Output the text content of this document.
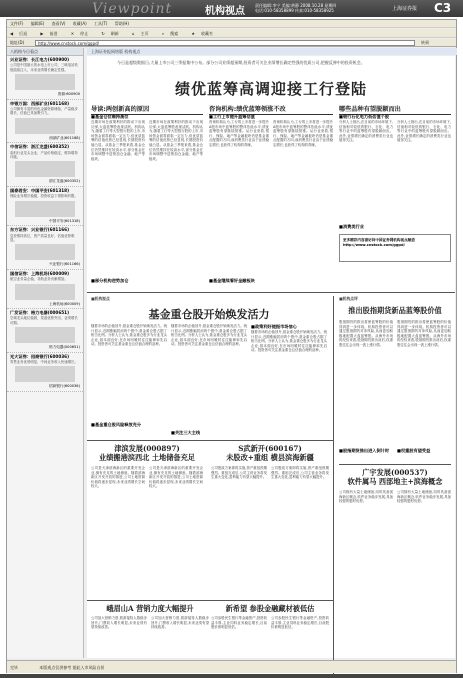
Viewpoint	机构视点
责任编辑:李宁 美编:黄静 2008.10.28 星期四
电话:010-58358899 传真:010-58358925	上海证券报 C3
文件(F) 编辑(E) 查看(V) 收藏(A) 工具(T) 帮助(H)
◀ 后退	▶ 前进	✕ 停止	↻ 刷新	⌂ 主页	⌕ 搜索	★ 收藏夹
地址(D)	http://www.cnstock.com/ggpd/	转到
八机构今日看点
兴业证券：长江电力(600900)
公司是中国最大的水电上市公司，三峡电站机组陆续注入，未来业绩增长确定性强。
资源:600900
申银万国：西部矿业(601168)
公司拥有丰富的有色金属资源储备，产量稳步增长，估值已具备吸引力。
西部矿业(601168)
中信证券：浙江龙盛(600352)
染料行业龙头企业，产品价格稳定，维持增持评级。
浙江龙盛(600352)
国泰君安：中国平安(601318)
保险业务增长稳健，投资收益下滑影响有限。
中国平安(601318)
东方证券：兴业银行(601166)
息差维持高位，资产质量良好，估值优势明显。
兴业银行(601166)
国信证券：上海机场(600009)
航空业务量企稳，非航业务贡献增加。
上海机场(600009)
广发证券：格力电器(000651)
空调龙头地位稳固，渠道优势突出，业绩增长可期。
格力电器(000651)
光大证券：招商银行(600036)
零售业务优势明显，中间业务收入快速增长。
招商银行(600036)
上海证券报网络版 机构视点
今日是超级数据日,大量上市公司三季报集中公布。部分公司业绩超预期,投资者可关注业绩增长确定性强的优质公司,把握反弹中的投资机会。
绩优蓝筹高调迎接工行登陆
导读:两创新高的原因
■基金仓位维持高位
近期市场在政策利好的推动下出现反弹,大盘蓝筹股表现活跃。机构认为,随着工行等大型银行股的上市,市场资金面将面临一定压力,但优质蓝筹的估值优势已经显现,长期投资价值凸显。从基金三季报来看,基金仓位仍然维持在较高水平,部分基金在市场调整中逆势加仓金融、地产等板块。
近期市场在政策利好的推动下出现反弹,大盘蓝筹股表现活跃。机构认为,随着工行等大型银行股的上市,市场资金面将面临一定压力,但优质蓝筹的估值优势已经显现,长期投资价值凸显。从基金三季报来看,基金仓位仍然维持在较高水平,部分基金在市场调整中逆势加仓金融、地产等板块。
■部分机构逆势加仓
咨询机构:绩优蓝筹领涨不改
■工行上市提升蓝筹估值
咨询机构认为,工行的上市将进一步提升A股市场中蓝筹股的整体估值水平,绩优蓝筹股有望继续领涨。从行业来看,银行、保险、地产等金融板块仍是基金重点配置的方向,而消费类行业由于业绩稳定增长,也获得了机构的青睐。
咨询机构认为,工行的上市将进一步提升A股市场中蓝筹股的整体估值水平,绩优蓝筹股有望继续领涨。从行业来看,银行、保险、地产等金融板块仍是基金重点配置的方向,而消费类行业由于业绩稳定增长,也获得了机构的青睐。
■基金继续看好金融板块
哪些品种有望脱颖而出
■银行石化电力低估值个股
分析人士指出,在目前的市场环境下,估值相对较低的银行、石化、电力等行业中的蓝筹股有望脱颖而出。此外,业绩增长确定的消费类行业也值得关注。
分析人士指出,在目前的市场环境下,估值相对较低的银行、石化、电力等行业中的蓝筹股有望脱颖而出。此外,业绩增长确定的消费类行业也值得关注。
■消费类行业
更多精彩内容请访问中国证券网机构视点频道 http://www.cnstock.com/ggpd/
■机构视点
基金重仓股开始焕发活力
随着市场的企稳回升,基金重仓股开始焕发活力。统计显示,近期涨幅居前的个股中,基金重仓股占据了相当比例。分析人士认为,基金重仓股多为行业龙头企业,基本面良好,在市场回暖时往往能够率先启动。投资者可关注基金重仓且估值合理的品种。
■基金重仓股风险释放充分
随着市场的企稳回升,基金重仓股开始焕发活力。统计显示,近期涨幅居前的个股中,基金重仓股占据了相当比例。分析人士认为,基金重仓股多为行业龙头企业,基本面良好,在市场回暖时往往能够率先启动。投资者可关注基金重仓且估值合理的品种。
■政策利好提振市场信心
随着市场的企稳回升,基金重仓股开始焕发活力。统计显示,近期涨幅居前的个股中,基金重仓股占据了相当比例。分析人士认为,基金重仓股多为行业龙头企业,基本面良好,在市场回暖时往往能够率先启动。投资者可关注基金重仓且估值合理的品种。
■关注三大主线
■机构点评
推出股指期货新品蓝筹股价值
股指期货的推出将使蓝筹股的价值得到进一步体现。机构投资者可以通过股指期货对冲风险,从而更加积极地配置大盘蓝筹股。从海外市场的经验来看,股指期货推出前后,权重股往往会出现一波上涨行情。
股指期货的推出将使蓝筹股的价值得到进一步体现。机构投资者可以通过股指期货对冲风险,从而更加积极地配置大盘蓝筹股。从海外市场的经验来看,股指期货推出前后,权重股往往会出现一波上涨行情。
■股指期货推出进入倒计时 ■权重股有望受益
津滨发展(000897)
业绩搬港滨西北 土地储备充足
公司是天津滨海新区的重要开发企业,拥有充足的土地储备。随着滨海新区开发开放的推进,公司土地资源价值将逐步显现,未来业绩增长空间较大。
公司是天津滨海新区的重要开发企业,拥有充足的土地储备。随着滨海新区开发开放的推进,公司土地资源价值将逐步显现,未来业绩增长空间较大。
S武新开(600167)
未股改+重组 横县滨海新疆
公司股改方案即将实施,资产重组预期强烈。重组完成后,公司主营业务将发生重大变化,盈利能力有望大幅提升。
公司股改方案即将实施,资产重组预期强烈。重组完成后,公司主营业务将发生重大变化,盈利能力有望大幅提升。
广宇发展(000537)
软件属马 西部地主+滨海概念
公司拥有大量土地储备,同时具备滨海新区概念,软件业务稳步发展,具备较强的题材优势。
公司拥有大量土地储备,同时具备滨海新区概念,软件业务稳步发展,具备较强的题材优势。
峨眉山A 营销力度大幅提升
公司加大营销力度,旅游接待人数稳步回升,门票收入增长明显,未来业绩有望持续改善。
公司加大营销力度,旅游接待人数稳步回升,门票收入增长明显,未来业绩有望持续改善。
新希望 参股金融藏材被低估
公司参股民生银行等金融资产,投资收益丰厚,主业饲料业务稳定增长,目前股价被明显低估。
公司参股民生银行等金融资产,投资收益丰厚,主业饲料业务稳定增长,目前股价被明显低估。
完毕	本版观点仅供参考 据此入市风险自担
